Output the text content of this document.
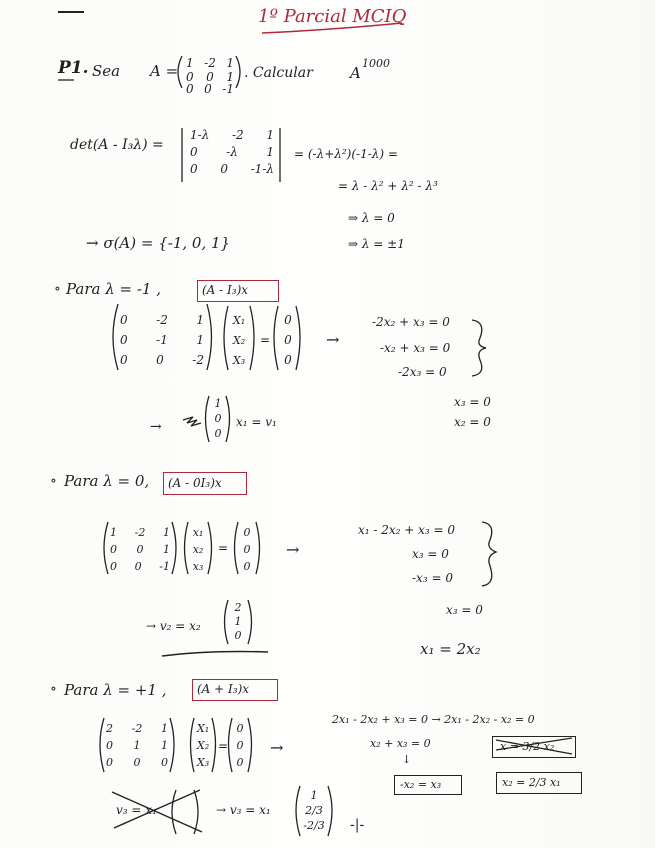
1º Parcial MCIQ
P1. Sea A = 1 -2 1
0 0 1
0 0 -1
. Calcular A
1000
det(A - I₃λ) =
1-λ -2 1
0 -λ 1
0 0 -1-λ
= (-λ+λ²)(-1-λ) =
= λ - λ² + λ² - λ³
⇒ λ = 0
⇒ λ = ±1
→ σ(A) = {-1, 0, 1}
∘ Para λ = -1 ,	(A - I₃)x
0 -2 1
0 -1 1
0 0 -2
X₁
X₂
X₃
=
0
0
0
→
-2x₂ + x₃ = 0
-x₂ + x₃ = 0
-2x₃ = 0
x₃ = 0
x₂ = 0
→
1
0
0
x₁ = v₁
∘ Para λ = 0, (A - 0I₃)x
1 -2 1
0 0 1
0 0 -1
x₁
x₂
x₃
=
0
0
0
→
x₁ - 2x₂ + x₃ = 0
x₃ = 0
-x₃ = 0
x₃ = 0
x₁ = 2x₂
→ v₂ = x₂
2
1
0
∘ Para λ = +1 ,	(A + I₃)x
2 -2 1
0 1 1
0 0 0
X₁
X₂
X₃
=
0
0
0
→
2x₁ - 2x₂ + x₃ = 0 → 2x₁ - 2x₂ - x₂ = 0
x₂ + x₃ = 0
↓
x = 3/2 x₂
-x₂ = x₃	x₂ = 2/3 x₁
v₃ = x₁	→ v₃ = x₁
1
2/3
-2/3 -|-
